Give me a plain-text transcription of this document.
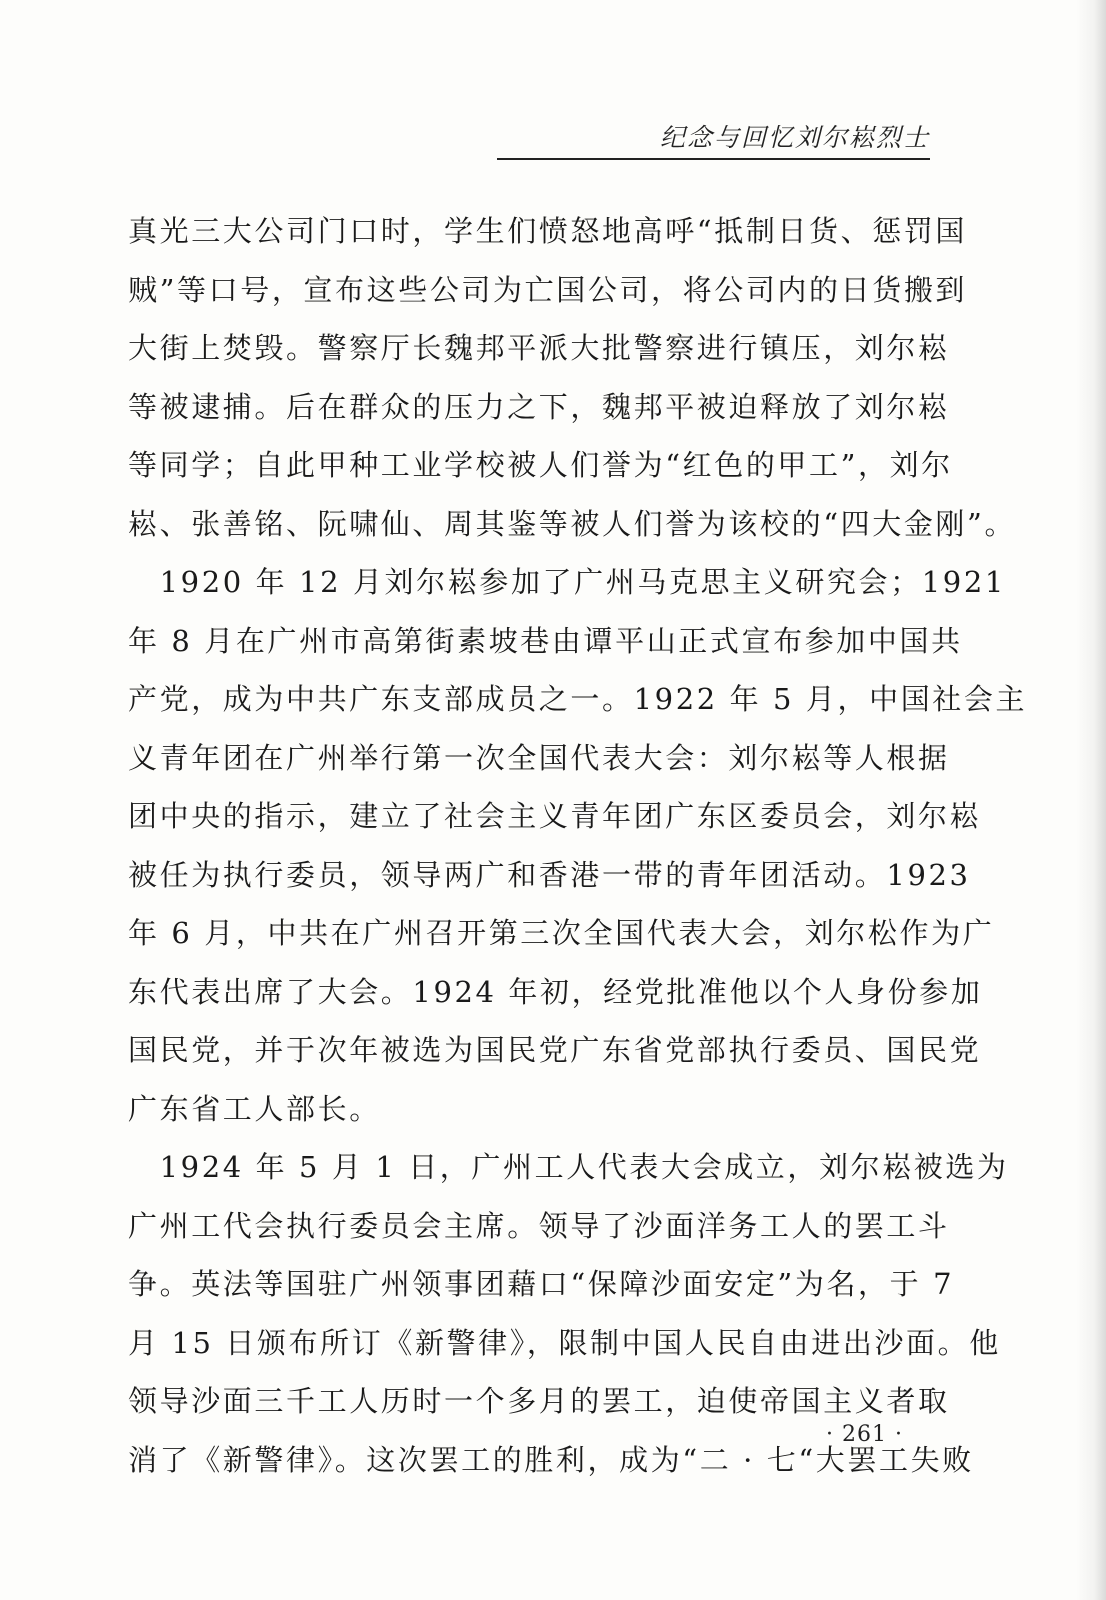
纪念与回忆刘尔崧烈士
真光三大公司门口时，学生们愤怒地高呼“抵制日货、惩罚国
贼”等口号，宣布这些公司为亡国公司，将公司内的日货搬到
大街上焚毁。警察厅长魏邦平派大批警察进行镇压，刘尔崧
等被逮捕。后在群众的压力之下，魏邦平被迫释放了刘尔崧
等同学；自此甲种工业学校被人们誉为“红色的甲工”，刘尔
崧、张善铭、阮啸仙、周其鉴等被人们誉为该校的“四大金刚”。
　1920 年 12 月刘尔崧参加了广州马克思主义研究会；1921
年 8 月在广州市高第街素坡巷由谭平山正式宣布参加中国共
产党，成为中共广东支部成员之一。1922 年 5 月，中国社会主
义青年团在广州举行第一次全国代表大会：刘尔崧等人根据
团中央的指示，建立了社会主义青年团广东区委员会，刘尔崧
被任为执行委员，领导两广和香港一带的青年团活动。1923
年 6 月，中共在广州召开第三次全国代表大会，刘尔松作为广
东代表出席了大会。1924 年初，经党批准他以个人身份参加
国民党，并于次年被选为国民党广东省党部执行委员、国民党
广东省工人部长。
　1924 年 5 月 1 日，广州工人代表大会成立，刘尔崧被选为
广州工代会执行委员会主席。领导了沙面洋务工人的罢工斗
争。英法等国驻广州领事团藉口“保障沙面安定”为名，于 7
月 15 日颁布所订《新警律》，限制中国人民自由进出沙面。他
领导沙面三千工人历时一个多月的罢工，迫使帝国主义者取
消了《新警律》。这次罢工的胜利，成为“二 · 七“大罢工失败
· 261 ·
